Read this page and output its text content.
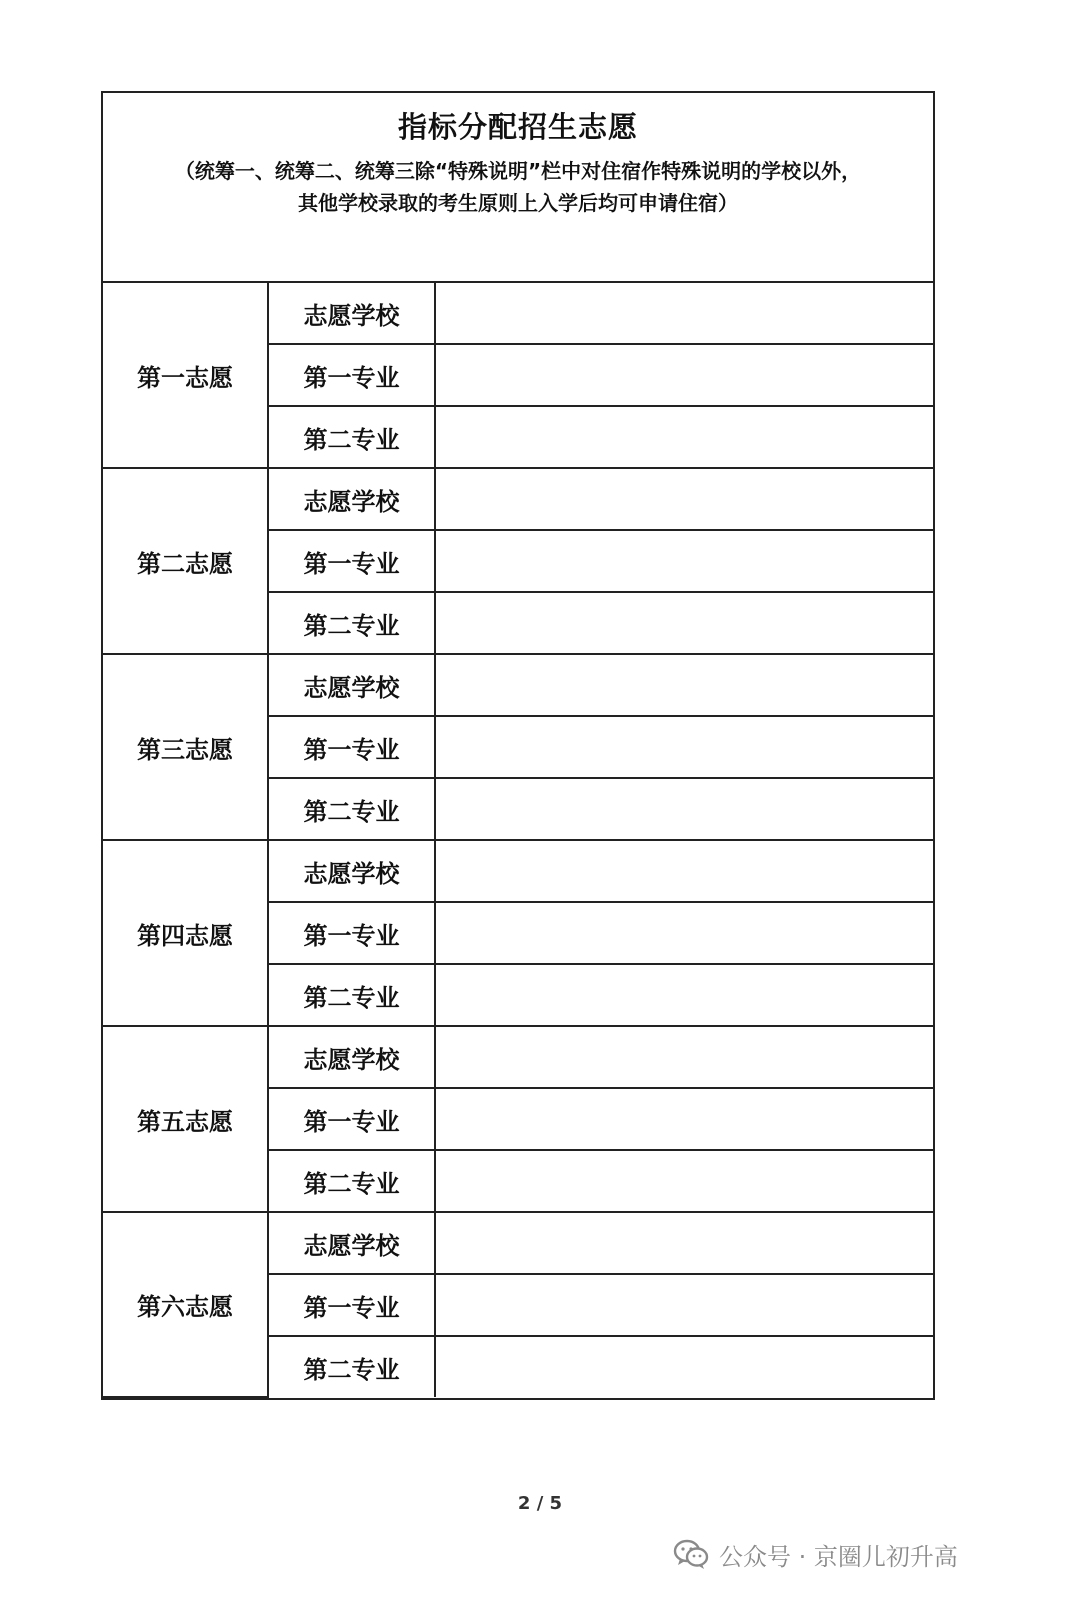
指标分配招生志愿
（统筹一、统筹二、统筹三除“特殊说明”栏中对住宿作特殊说明的学校以外，
其他学校录取的考生原则上入学后均可申请住宿）
第一志愿	志愿学校	
	第一专业	
	第二专业	
第二志愿	志愿学校	
	第一专业	
	第二专业	
第三志愿	志愿学校	
	第一专业	
	第二专业	
第四志愿	志愿学校	
	第一专业	
	第二专业	
第五志愿	志愿学校	
	第一专业	
	第二专业	
第六志愿	志愿学校	
	第一专业	
	第二专业	
2 / 5
公众号 · 京圈儿初升高
